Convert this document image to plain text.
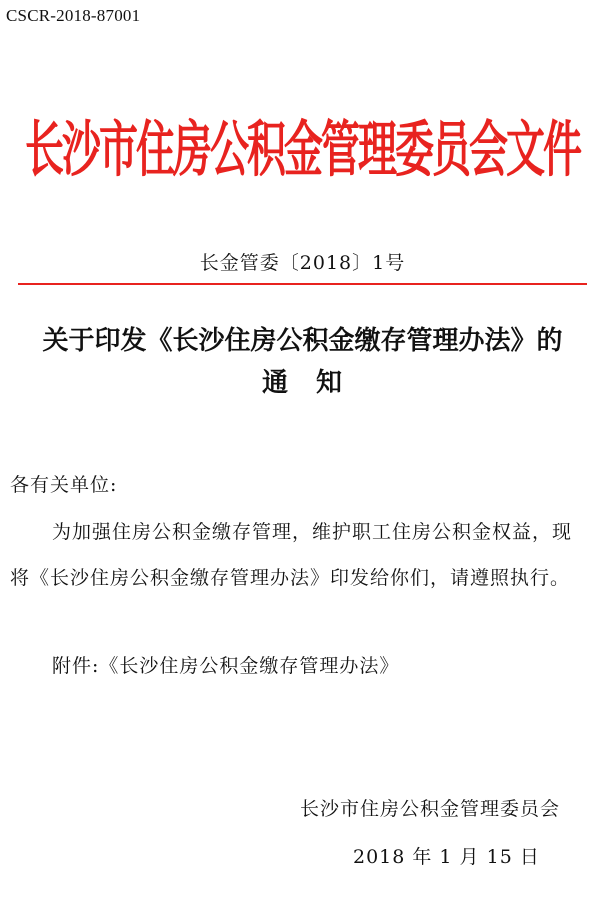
CSCR-2018-87001
长沙市住房公积金管理委员会文件
长金管委〔2018〕1号
关于印发《长沙住房公积金缴存管理办法》的
通知
各有关单位:
为加强住房公积金缴存管理，维护职工住房公积金权益，现
将《长沙住房公积金缴存管理办法》印发给你们，请遵照执行。
附件:《长沙住房公积金缴存管理办法》
长沙市住房公积金管理委员会
2018 年 1 月 15 日
